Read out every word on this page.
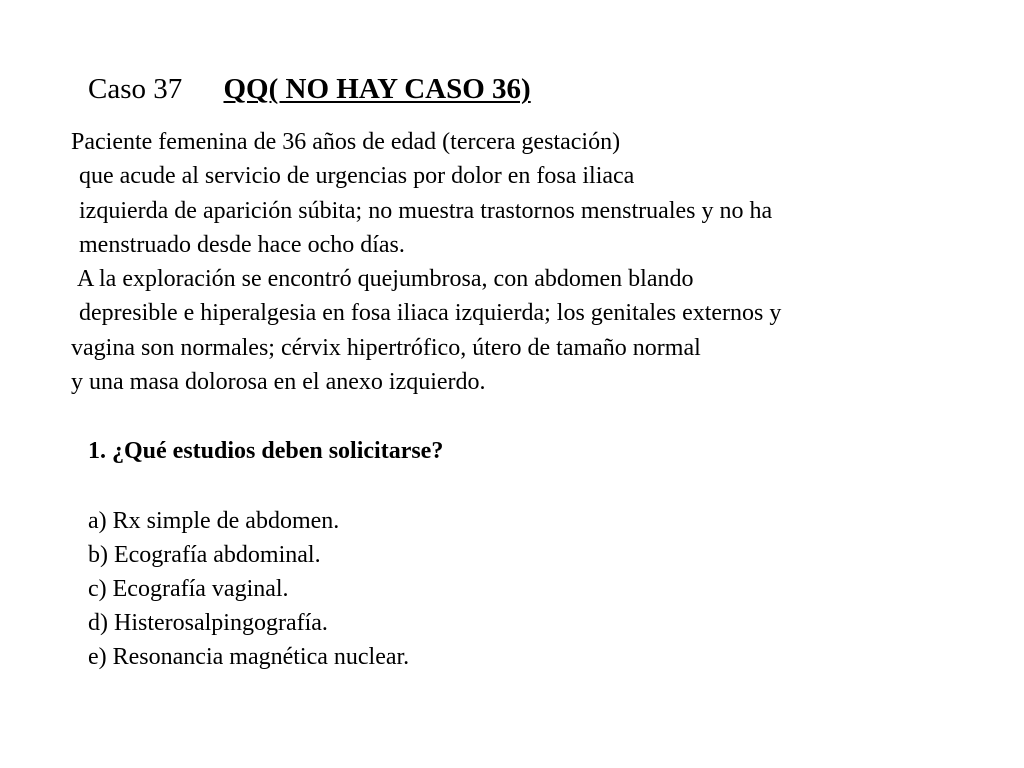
Caso 37 QQ( NO HAY CASO 36)
Paciente femenina de 36 años de edad (tercera gestación)
que acude al servicio de urgencias por dolor en fosa iliaca
izquierda de aparición súbita; no muestra trastornos menstruales y no ha
menstruado desde hace ocho días.
A la exploración se encontró quejumbrosa, con abdomen blando
depresible e hiperalgesia en fosa iliaca izquierda; los genitales externos y
vagina son normales; cérvix hipertrófico, útero de tamaño normal
y una masa dolorosa en el anexo izquierdo.
1. ¿Qué estudios deben solicitarse?
a) Rx simple de abdomen.
b) Ecografía abdominal.
c) Ecografía vaginal.
d) Histerosalpingografía.
e) Resonancia magnética nuclear.
